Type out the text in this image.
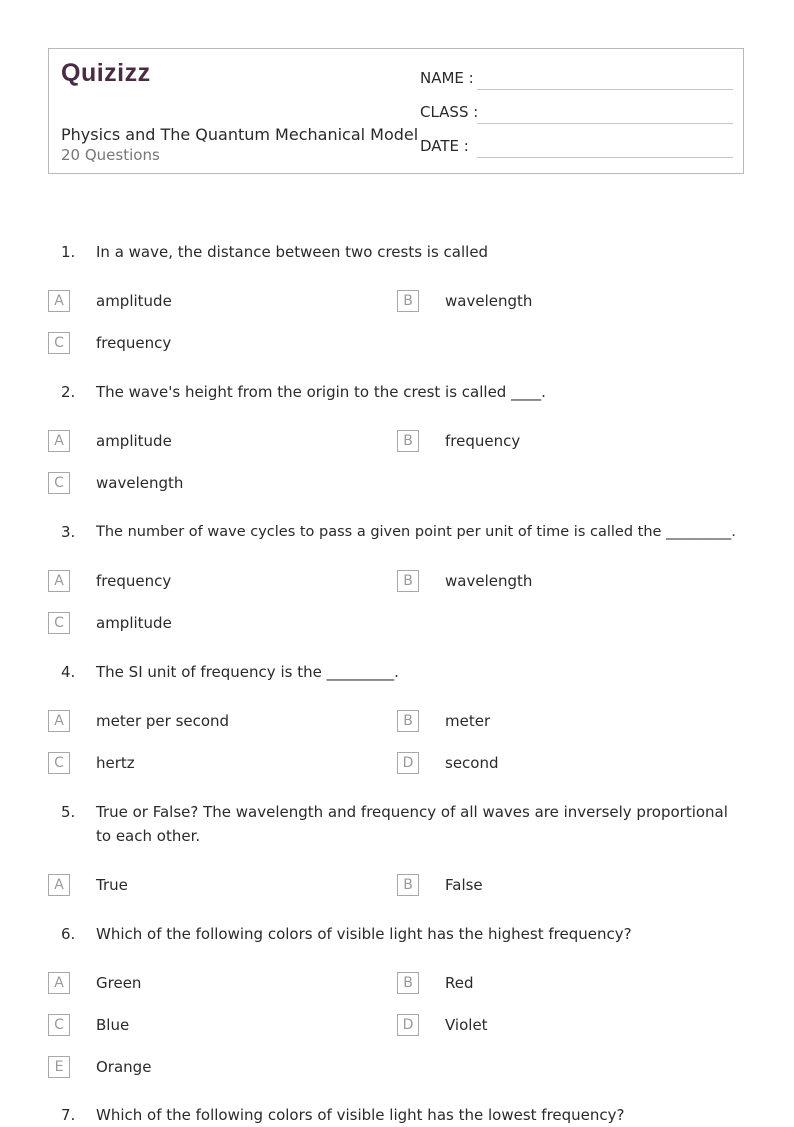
Quizizz
Physics and The Quantum Mechanical Model
20 Questions
NAME :
CLASS :
DATE :
1. In a wave, the distance between two crests is called
A	amplitude	B	wavelength
C	frequency
2. The wave's height from the origin to the crest is called ____.
A	amplitude	B	frequency
C	wavelength
3. The number of wave cycles to pass a given point per unit of time is called the _________.
A	frequency	B	wavelength
C	amplitude
4. The SI unit of frequency is the _________.
A	meter per second	B	meter
C	hertz	D	second
5. True or False? The wavelength and frequency of all waves are inversely proportional to each other.
A	True	B	False
6. Which of the following colors of visible light has the highest frequency?
A	Green	B	Red
C	Blue	D	Violet
E	Orange
7. Which of the following colors of visible light has the lowest frequency?
